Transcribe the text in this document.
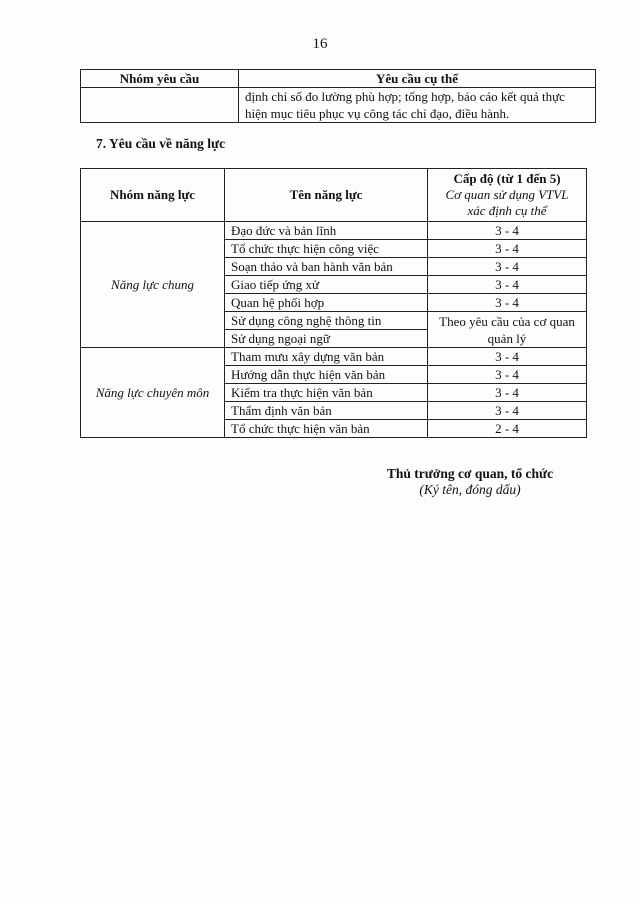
16
Nhóm yêu cầu	Yêu cầu cụ thể

	định chỉ số đo lường phù hợp; tổng hợp, báo cáo kết quả thực
hiện mục tiêu phục vụ công tác chỉ đạo, điều hành.
7. Yêu cầu về năng lực
Nhóm năng lực	Tên năng lực	Cấp độ (từ 1 đến 5)
Cơ quan sử dụng VTVL
xác định cụ thể

Năng lực chung	Đạo đức và bản lĩnh	3 - 4
	Tổ chức thực hiện công việc	3 - 4
	Soạn thảo và ban hành văn bản	3 - 4
	Giao tiếp ứng xử	3 - 4
	Quan hệ phối hợp	3 - 4
	Sử dụng công nghệ thông tin	Theo yêu cầu của cơ quan quản lý
	Sử dụng ngoại ngữ	
Năng lực chuyên môn	Tham mưu xây dựng văn bản	3 - 4
	Hướng dẫn thực hiện văn bản	3 - 4
	Kiểm tra thực hiện văn bản	3 - 4
	Thẩm định văn bản	3 - 4
	Tổ chức thực hiện văn bản	2 - 4
Thủ trưởng cơ quan, tổ chức
(Ký tên, đóng dấu)
